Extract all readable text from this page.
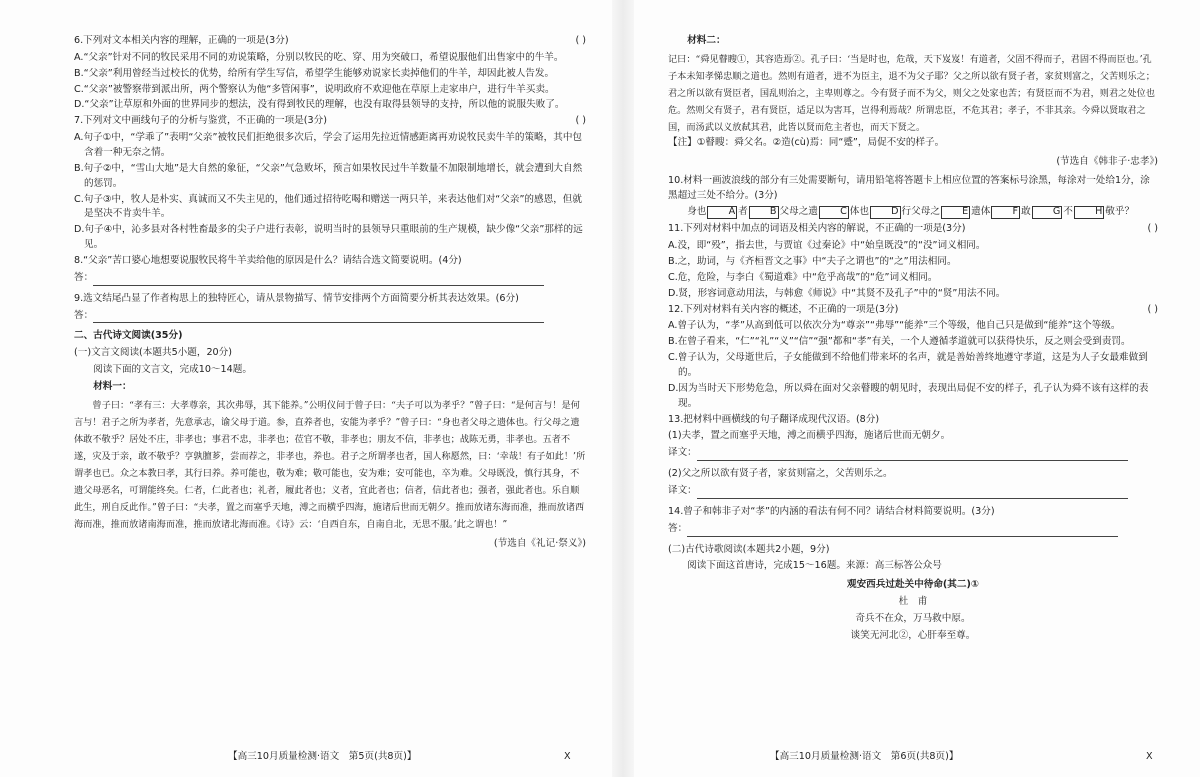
( )
6.下列对文本相关内容的理解，正确的一项是(3分)
A.“父亲”针对不同的牧民采用不同的劝说策略，分别以牧民的吃、穿、用为突破口，希望说服他们出售家中的牛羊。
B.“父亲”利用曾经当过校长的优势，给所有学生写信，希望学生能够劝说家长卖掉他们的牛羊，却因此被人告发。
C.“父亲”被警察带到派出所，两个警察认为他“多管闲事”，说明政府不欢迎他在草原上走家串户，进行牛羊买卖。
D.“父亲”让草原和外面的世界同步的想法，没有得到牧民的理解，也没有取得县领导的支持，所以他的说服失败了。
( )
7.下列对文中画线句子的分析与鉴赏，不正确的一项是(3分)
A.句子①中，“学乖了”表明“父亲”被牧民们拒绝很多次后，学会了运用先拉近情感距离再劝说牧民卖牛羊的策略，其中包含着一种无奈之情。
B.句子②中，“雪山大地”是大自然的象征，“父亲”气急败坏，预言如果牧民过牛羊数量不加限制地增长，就会遭到大自然的惩罚。
C.句子③中，牧人是朴实、真诚而又不失主见的，他们通过招待吃喝和赠送一两只羊，来表达他们对“父亲”的感恩，但就是坚决不肯卖牛羊。
D.句子④中，沁多县对各村牲畜最多的尖子户进行表彰，说明当时的县领导只重眼前的生产规模，缺少像“父亲”那样的远见。
8.“父亲”苦口婆心地想要说服牧民将牛羊卖给他的原因是什么？请结合选文简要说明。(4分)
答：
9.选文结尾凸显了作者构思上的独特匠心，请从景物描写、情节安排两个方面简要分析其表达效果。(6分)
答：
二、古代诗文阅读(35分)
(一)文言文阅读(本题共5小题，20分)
阅读下面的文言文，完成10～14题。
材料一：
曾子曰：“孝有三：大孝尊亲，其次弗辱，其下能养。”公明仪问于曾子曰：“夫子可以为孝乎？”曾子曰：“是何言与！是何言与！君子之所为孝者，先意承志，谕父母于道。参，直养者也，安能为孝乎？”曾子曰：“身也者父母之遗体也。行父母之遗体敢不敬乎？居处不庄，非孝也；事君不忠，非孝也；莅官不敬，非孝也；朋友不信，非孝也；战陈无勇，非孝也。五者不遂，灾及于亲，敢不敬乎？亨孰膻芗，尝而荐之，非孝也，养也。君子之所谓孝也者，国人称愿然，曰：‘幸哉！有子如此！’所谓孝也已。众之本教曰孝，其行曰养。养可能也，敬为难；敬可能也，安为难；安可能也，卒为难。父母既没，慎行其身，不遗父母恶名，可谓能终矣。仁者，仁此者也；礼者，履此者也；义者，宜此者也；信者，信此者也；强者，强此者也。乐自顺此生，刑自反此作。”曾子曰：“夫孝，置之而塞乎天地，溥之而横乎四海，施诸后世而无朝夕。推而放诸东海而准，推而放诸西海而准，推而放诸南海而准，推而放诸北海而准。《诗》云：‘自西自东，自南自北，无思不服。’此之谓也！”
(节选自《礼记·祭义》)
材料二：
记曰：“舜见瞽瞍①，其容造焉②。孔子曰：‘当是时也，危哉，天下岌岌！有道者，父固不得而子，君固不得而臣也。’孔子本未知孝悌忠顺之道也。然则有道者，进不为臣主，退不为父子耶？父之所以欲有贤子者，家贫则富之，父苦则乐之；君之所以欲有贤臣者，国乱则治之，主卑则尊之。今有贤子而不为父，则父之处家也苦；有贤臣而不为君，则君之处位也危。然则父有贤子，君有贤臣，适足以为害耳，岂得利焉哉？所谓忠臣，不危其君；孝子，不非其亲。今舜以贤取君之国，而汤武以义放弑其君，此皆以贤而危主者也，而天下贤之。
【注】①瞽瞍：舜父名。②造(cù)焉：同“蹙”，局促不安的样子。
(节选自《韩非子·忠孝》)
10.材料一画波浪线的部分有三处需要断句，请用铅笔将答题卡上相应位置的答案标号涂黑，每涂对一处给1分，涂黑超过三处不给分。(3分)
身也 A 者 B 父母之遗 C 体也 D 行父母之 E 遗体 F 敢 G 不 H 敬乎？
( )
11.下列对材料中加点的词语及相关内容的解说，不正确的一项是(3分)
A.没，即“殁”，指去世，与贾谊《过秦论》中“始皇既没”的“没”词义相同。
B.之，助词，与《齐桓晋文之事》中“夫子之谓也”的“之”用法相同。
C.危，危险，与李白《蜀道难》中“危乎高哉”的“危”词义相同。
D.贤，形容词意动用法，与韩愈《师说》中“其贤不及孔子”中的“贤”用法不同。
( )
12.下列对材料有关内容的概述，不正确的一项是(3分)
A.曾子认为，“孝”从高到低可以依次分为“尊亲”“弗辱”“能养”三个等级，他自己只是做到“能养”这个等级。
B.在曾子看来，“仁”“礼”“义”“信”“强”都和“孝”有关，一个人遵循孝道就可以获得快乐，反之则会受到责罚。
C.曾子认为，父母逝世后，子女能做到不给他们带来坏的名声，就是善始善终地遵守孝道，这是为人子女最难做到的。
D.因为当时天下形势危急，所以舜在面对父亲瞽瞍的朝见时，表现出局促不安的样子，孔子认为舜不该有这样的表现。
13.把材料中画横线的句子翻译成现代汉语。(8分)
(1)夫孝，置之而塞乎天地，溥之而横乎四海，施诸后世而无朝夕。
译文：
(2)父之所以欲有贤子者，家贫则富之，父苦则乐之。
译文：
14.曾子和韩非子对“孝”的内涵的看法有何不同？请结合材料简要说明。(3分)
答：
(二)古代诗歌阅读(本题共2小题，9分)
阅读下面这首唐诗，完成15～16题。来源：高三标答公众号
观安西兵过赴关中待命(其二)①
杜　甫
奇兵不在众，万马救中原。
谈笑无河北②，心肝奉至尊。
【高三10月质量检测·语文　第5页(共8页)】	X	【高三10月质量检测·语文　第6页(共8页)】	X
